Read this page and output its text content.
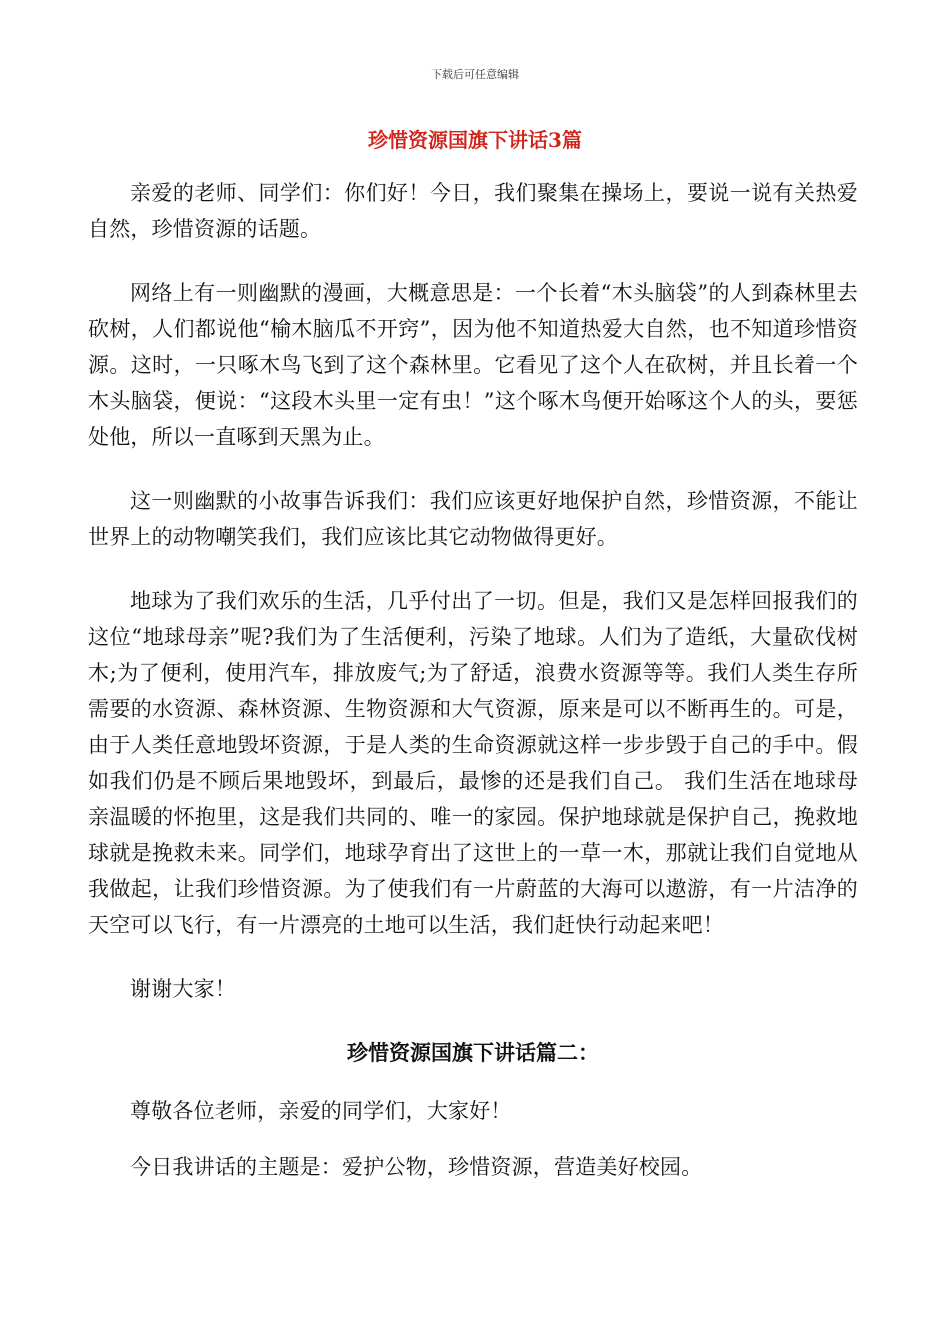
下载后可任意编辑
珍惜资源国旗下讲话3篇

亲爱的老师、同学们：你们好！今日，我们聚集在操场上，要说一说有关热爱自然，珍惜资源的话题。

网络上有一则幽默的漫画，大概意思是：一个长着“木头脑袋”的人到森林里去砍树，人们都说他“榆木脑瓜不开窍”，因为他不知道热爱大自然，也不知道珍惜资源。这时，一只啄木鸟飞到了这个森林里。它看见了这个人在砍树，并且长着一个木头脑袋，便说：“这段木头里一定有虫！”这个啄木鸟便开始啄这个人的头，要惩处他，所以一直啄到天黑为止。

这一则幽默的小故事告诉我们：我们应该更好地保护自然，珍惜资源，不能让世界上的动物嘲笑我们，我们应该比其它动物做得更好。

地球为了我们欢乐的生活，几乎付出了一切。但是，我们又是怎样回报我们的这位“地球母亲”呢?我们为了生活便利，污染了地球。人们为了造纸，大量砍伐树木;为了便利，使用汽车，排放废气;为了舒适，浪费水资源等等。我们人类生存所需要的水资源、森林资源、生物资源和大气资源，原来是可以不断再生的。可是，由于人类任意地毁坏资源，于是人类的生命资源就这样一步步毁于自己的手中。假如我们仍是不顾后果地毁坏，到最后，最惨的还是我们自己。 我们生活在地球母亲温暖的怀抱里，这是我们共同的、唯一的家园。保护地球就是保护自己，挽救地球就是挽救未来。同学们，地球孕育出了这世上的一草一木，那就让我们自觉地从我做起，让我们珍惜资源。为了使我们有一片蔚蓝的大海可以遨游，有一片洁净的天空可以飞行，有一片漂亮的土地可以生活，我们赶快行动起来吧！

谢谢大家！

珍惜资源国旗下讲话篇二：

尊敬各位老师，亲爱的同学们，大家好！

今日我讲话的主题是：爱护公物，珍惜资源，营造美好校园。
